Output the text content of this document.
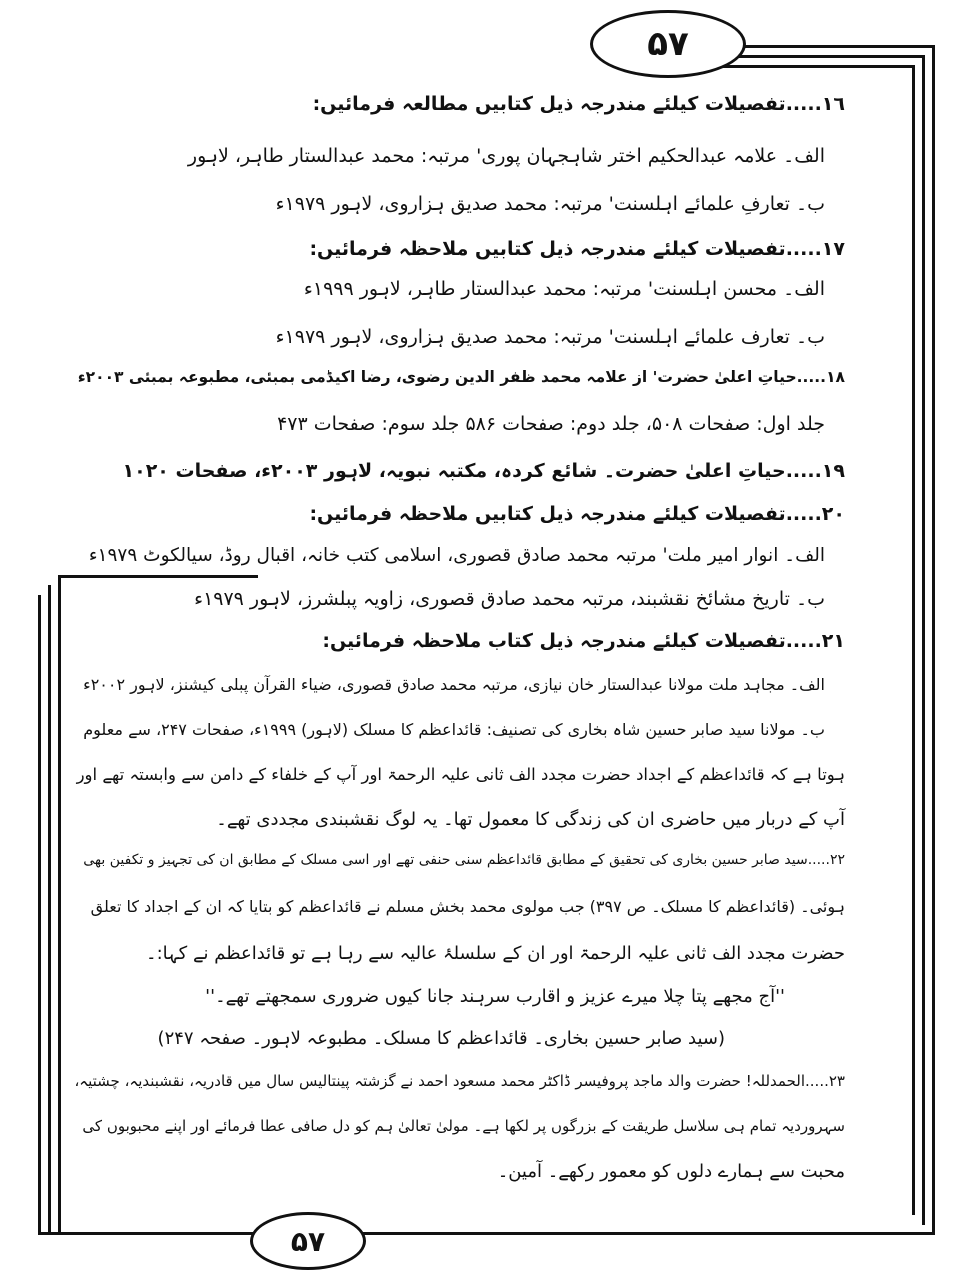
۵۷
۵۷
١٦.....تفصیلات کیلئے مندرجہ ذیل کتابیں مطالعہ فرمائیں:
الف۔ علامہ عبدالحکیم اختر شاہجہان پوری' مرتبہ: محمد عبدالستار طاہر، لاہور
ب۔ تعارفِ علمائے اہلسنت' مرتبہ: محمد صدیق ہزاروی، لاہور ۱۹۷۹ء
١٧.....تفصیلات کیلئے مندرجہ ذیل کتابیں ملاحظہ فرمائیں:
الف۔ محسن اہلسنت' مرتبہ: محمد عبدالستار طاہر، لاہور ۱۹۹۹ء
ب۔ تعارف علمائے اہلسنت' مرتبہ: محمد صدیق ہزاروی، لاہور ۱۹۷۹ء
١٨.....حیاتِ اعلیٰ حضرت' از علامہ محمد ظفر الدین رضوی، رضا اکیڈمی بمبئی، مطبوعہ بمبئی ۲۰۰۳ء
جلد اول: صفحات ۵۰۸، جلد دوم: صفحات ۵۸۶ جلد سوم: صفحات ۴۷۳
١٩.....حیاتِ اعلیٰ حضرت۔ شائع کردہ، مکتبہ نبویہ، لاہور ۲۰۰۳ء، صفحات ۱۰۲۰
٢٠.....تفصیلات کیلئے مندرجہ ذیل کتابیں ملاحظہ فرمائیں:
الف۔ انوار امیر ملت' مرتبہ محمد صادق قصوری، اسلامی کتب خانہ، اقبال روڈ، سیالکوٹ ۱۹۷۹ء
ب۔ تاریخ مشائخ نقشبند، مرتبہ محمد صادق قصوری، زاویہ پبلشرز، لاہور ۱۹۷۹ء
٢١.....تفصیلات کیلئے مندرجہ ذیل کتاب ملاحظہ فرمائیں:
الف۔ مجاہد ملت مولانا عبدالستار خان نیازی، مرتبہ محمد صادق قصوری، ضیاء القرآن پبلی کیشنز، لاہور ۲۰۰۲ء
ب۔ مولانا سید صابر حسین شاہ بخاری کی تصنیف: قائداعظم کا مسلک (لاہور) ۱۹۹۹ء، صفحات ۲۴۷، سے معلوم
ہوتا ہے کہ قائداعظم کے اجداد حضرت مجدد الف ثانی علیہ الرحمۃ اور آپ کے خلفاء کے دامن سے وابستہ تھے اور
آپ کے دربار میں حاضری ان کی زندگی کا معمول تھا۔ یہ لوگ نقشبندی مجددی تھے۔
٢٢.....سید صابر حسین بخاری کی تحقیق کے مطابق قائداعظم سنی حنفی تھے اور اسی مسلک کے مطابق ان کی تجہیز و تکفین بھی
ہوئی۔ (قائداعظم کا مسلک۔ ص ۳۹۷) جب مولوی محمد بخش مسلم نے قائداعظم کو بتایا کہ ان کے اجداد کا تعلق
حضرت مجدد الف ثانی علیہ الرحمۃ اور ان کے سلسلۂ عالیہ سے رہا ہے تو قائداعظم نے کہا:۔
''آج مجھے پتا چلا میرے عزیز و اقارب سرہند جانا کیوں ضروری سمجھتے تھے۔''
(سید صابر حسین بخاری۔ قائداعظم کا مسلک۔ مطبوعہ لاہور۔ صفحہ ۲۴۷)
٢٣.....الحمدللہ! حضرت والد ماجد پروفیسر ڈاکٹر محمد مسعود احمد نے گزشتہ پینتالیس سال میں قادریہ، نقشبندیہ، چشتیہ،
سہروردیہ تمام ہی سلاسل طریقت کے بزرگوں پر لکھا ہے۔ مولیٰ تعالیٰ ہم کو دل صافی عطا فرمائے اور اپنے محبوبوں کی
محبت سے ہمارے دلوں کو معمور رکھے۔ آمین۔
